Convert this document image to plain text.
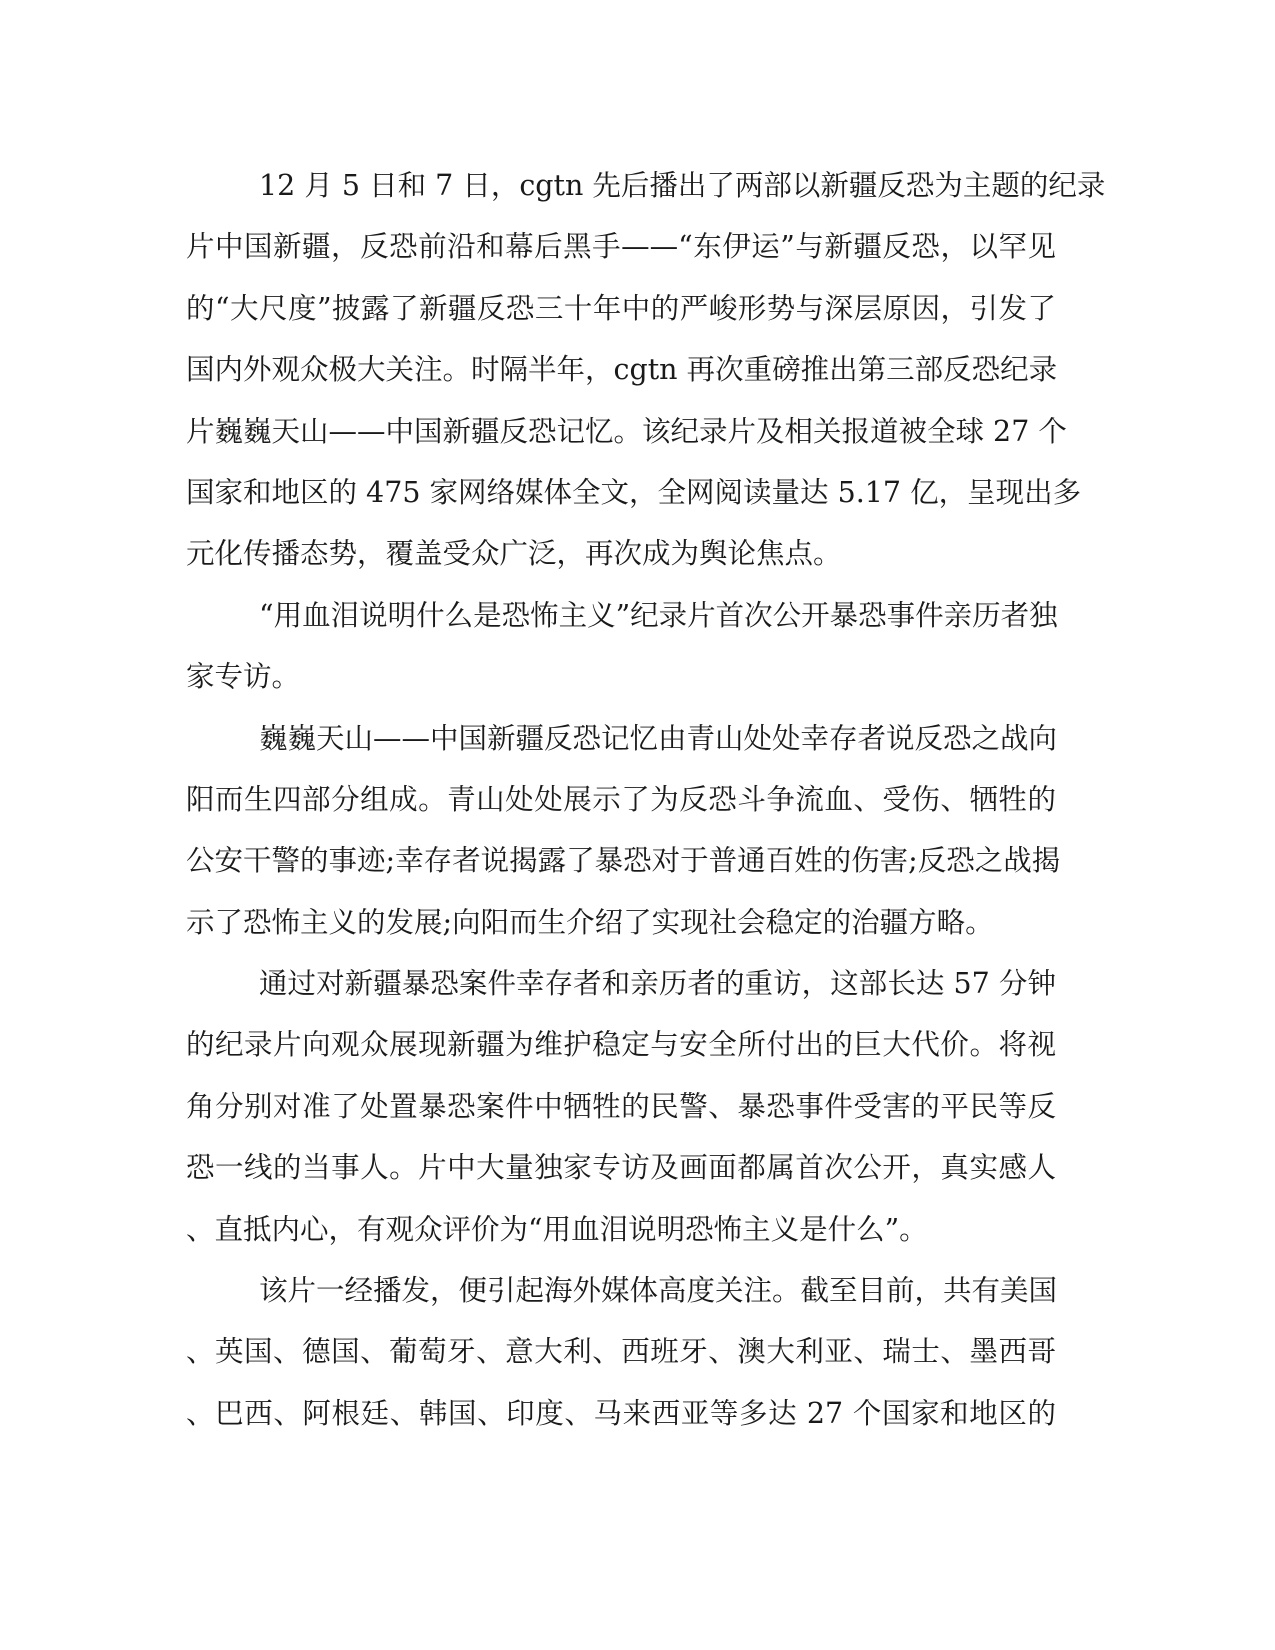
12 月 5 日和 7 日，cgtn 先后播出了两部以新疆反恐为主题的纪录
片中国新疆，反恐前沿和幕后黑手——“东伊运”与新疆反恐，以罕见
的“大尺度”披露了新疆反恐三十年中的严峻形势与深层原因，引发了
国内外观众极大关注。时隔半年，cgtn 再次重磅推出第三部反恐纪录
片巍巍天山——中国新疆反恐记忆。该纪录片及相关报道被全球 27 个
国家和地区的 475 家网络媒体全文，全网阅读量达 5.17 亿，呈现出多
元化传播态势，覆盖受众广泛，再次成为舆论焦点。
“用血泪说明什么是恐怖主义”纪录片首次公开暴恐事件亲历者独
家专访。
巍巍天山——中国新疆反恐记忆由青山处处幸存者说反恐之战向
阳而生四部分组成。青山处处展示了为反恐斗争流血、受伤、牺牲的
公安干警的事迹;幸存者说揭露了暴恐对于普通百姓的伤害;反恐之战揭
示了恐怖主义的发展;向阳而生介绍了实现社会稳定的治疆方略。
通过对新疆暴恐案件幸存者和亲历者的重访，这部长达 57 分钟
的纪录片向观众展现新疆为维护稳定与安全所付出的巨大代价。将视
角分别对准了处置暴恐案件中牺牲的民警、暴恐事件受害的平民等反
恐一线的当事人。片中大量独家专访及画面都属首次公开，真实感人
、直抵内心，有观众评价为“用血泪说明恐怖主义是什么”。
该片一经播发，便引起海外媒体高度关注。截至目前，共有美国
、英国、德国、葡萄牙、意大利、西班牙、澳大利亚、瑞士、墨西哥
、巴西、阿根廷、韩国、印度、马来西亚等多达 27 个国家和地区的
